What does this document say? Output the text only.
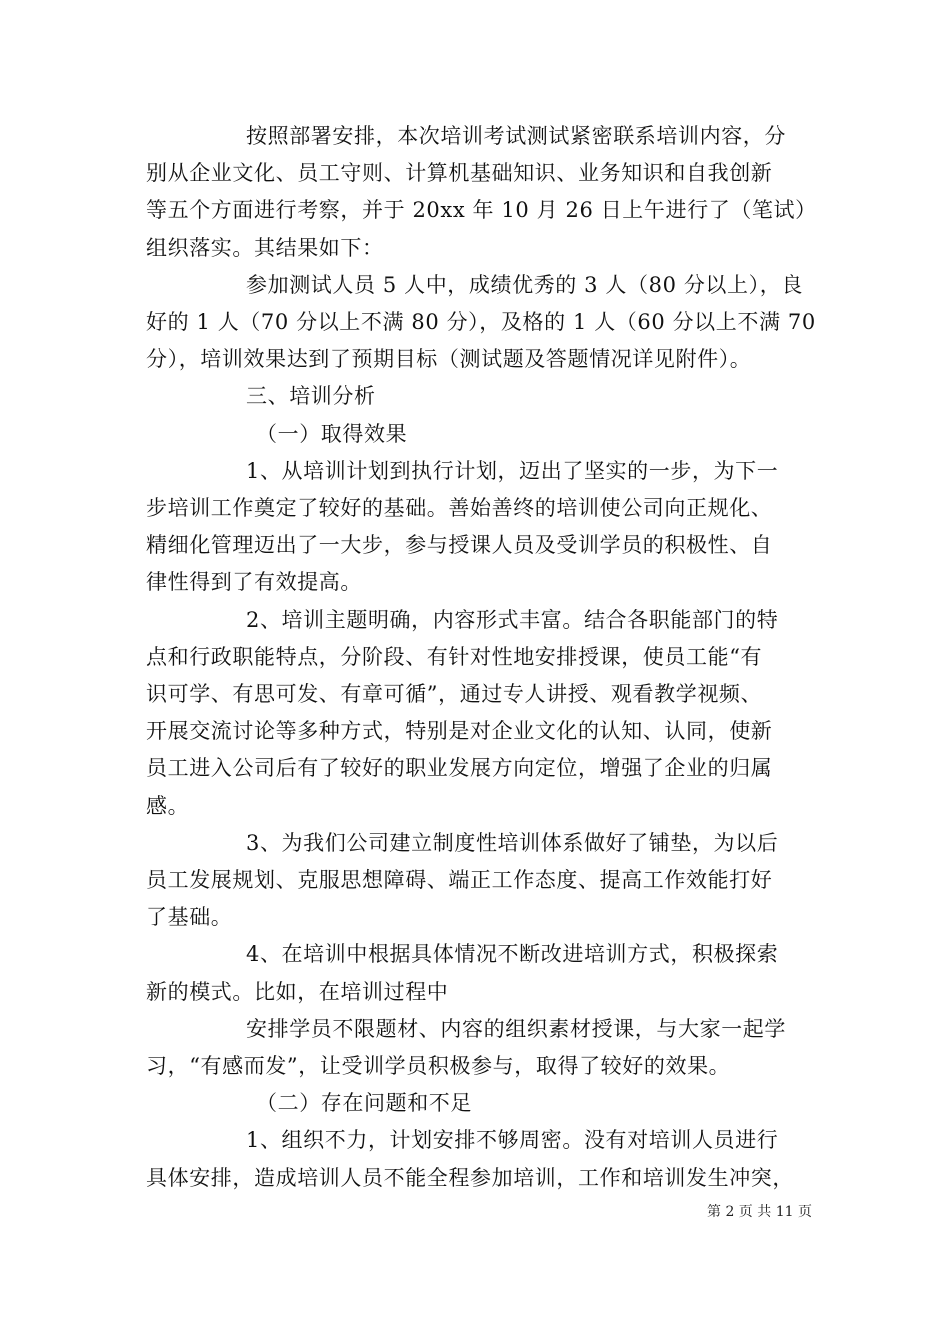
按照部署安排，本次培训考试测试紧密联系培训内容，分
别从企业文化、员工守则、计算机基础知识、业务知识和自我创新
等五个方面进行考察，并于 20xx 年 10 月 26 日上午进行了（笔试）
组织落实。其结果如下：

参加测试人员 5 人中，成绩优秀的 3 人（80 分以上），良
好的 1 人（70 分以上不满 80 分），及格的 1 人（60 分以上不满 70
分），培训效果达到了预期目标（测试题及答题情况详见附件）。

三、培训分析

（一）取得效果

1、从培训计划到执行计划，迈出了坚实的一步，为下一
步培训工作奠定了较好的基础。善始善终的培训使公司向正规化、
精细化管理迈出了一大步，参与授课人员及受训学员的积极性、自
律性得到了有效提高。

2、培训主题明确，内容形式丰富。结合各职能部门的特
点和行政职能特点，分阶段、有针对性地安排授课，使员工能“有
识可学、有思可发、有章可循”，通过专人讲授、观看教学视频、
开展交流讨论等多种方式，特别是对企业文化的认知、认同，使新
员工进入公司后有了较好的职业发展方向定位，增强了企业的归属
感。

3、为我们公司建立制度性培训体系做好了铺垫，为以后
员工发展规划、克服思想障碍、端正工作态度、提高工作效能打好
了基础。

4、在培训中根据具体情况不断改进培训方式，积极探索
新的模式。比如，在培训过程中

安排学员不限题材、内容的组织素材授课，与大家一起学
习，“有感而发”，让受训学员积极参与，取得了较好的效果。

（二）存在问题和不足

1、组织不力，计划安排不够周密。没有对培训人员进行
具体安排，造成培训人员不能全程参加培训，工作和培训发生冲突，

第 2 页 共 11 页
